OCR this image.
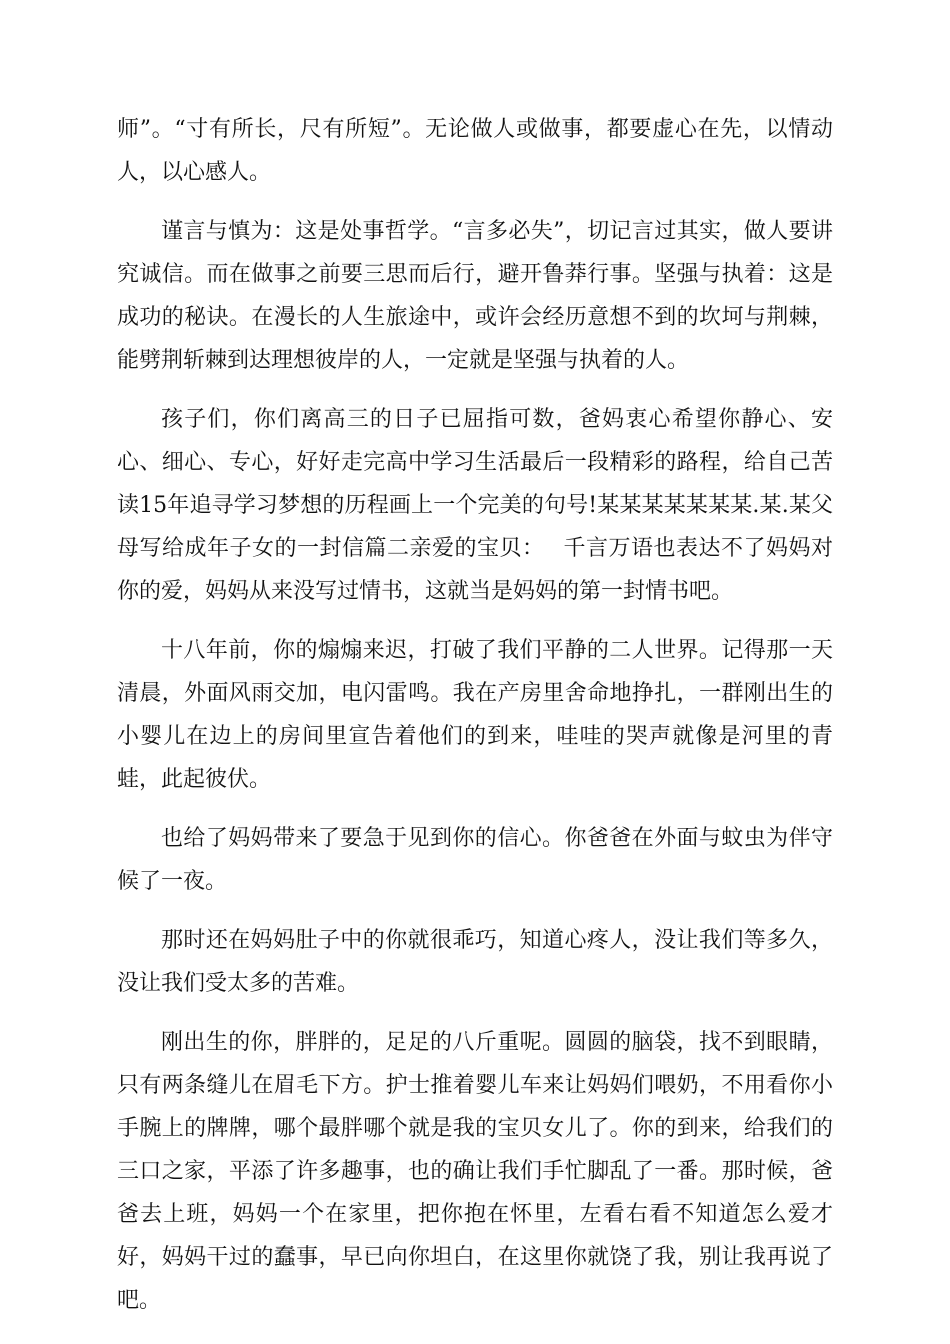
师”。“寸有所长，尺有所短”。无论做人或做事，都要虚心在先，以情动人，以心感人。

谨言与慎为：这是处事哲学。“言多必失”，切记言过其实，做人要讲究诚信。而在做事之前要三思而后行，避开鲁莽行事。坚强与执着：这是成功的秘诀。在漫长的人生旅途中，或许会经历意想不到的坎坷与荆棘，能劈荆斩棘到达理想彼岸的人，一定就是坚强与执着的人。

孩子们，你们离高三的日子已屈指可数，爸妈衷心希望你静心、安心、细心、专心，好好走完高中学习生活最后一段精彩的路程，给自己苦读15年追寻学习梦想的历程画上一个完美的句号!某某某某某某某.某.某父母写给成年子女的一封信篇二亲爱的宝贝：　 千言万语也表达不了妈妈对你的爱，妈妈从来没写过情书，这就当是妈妈的第一封情书吧。

十八年前，你的煽煽来迟，打破了我们平静的二人世界。记得那一天清晨，外面风雨交加，电闪雷鸣。我在产房里舍命地挣扎，一群刚出生的小婴儿在边上的房间里宣告着他们的到来，哇哇的哭声就像是河里的青蛙，此起彼伏。

也给了妈妈带来了要急于见到你的信心。你爸爸在外面与蚊虫为伴守候了一夜。

那时还在妈妈肚子中的你就很乖巧，知道心疼人，没让我们等多久，没让我们受太多的苦难。

刚出生的你，胖胖的，足足的八斤重呢。圆圆的脑袋，找不到眼睛，只有两条缝儿在眉毛下方。护士推着婴儿车来让妈妈们喂奶，不用看你小手腕上的牌牌，哪个最胖哪个就是我的宝贝女儿了。你的到来，给我们的三口之家，平添了许多趣事，也的确让我们手忙脚乱了一番。那时候，爸爸去上班，妈妈一个在家里，把你抱在怀里，左看右看不知道怎么爱才好，妈妈干过的蠢事，早已向你坦白，在这里你就饶了我，别让我再说了吧。
